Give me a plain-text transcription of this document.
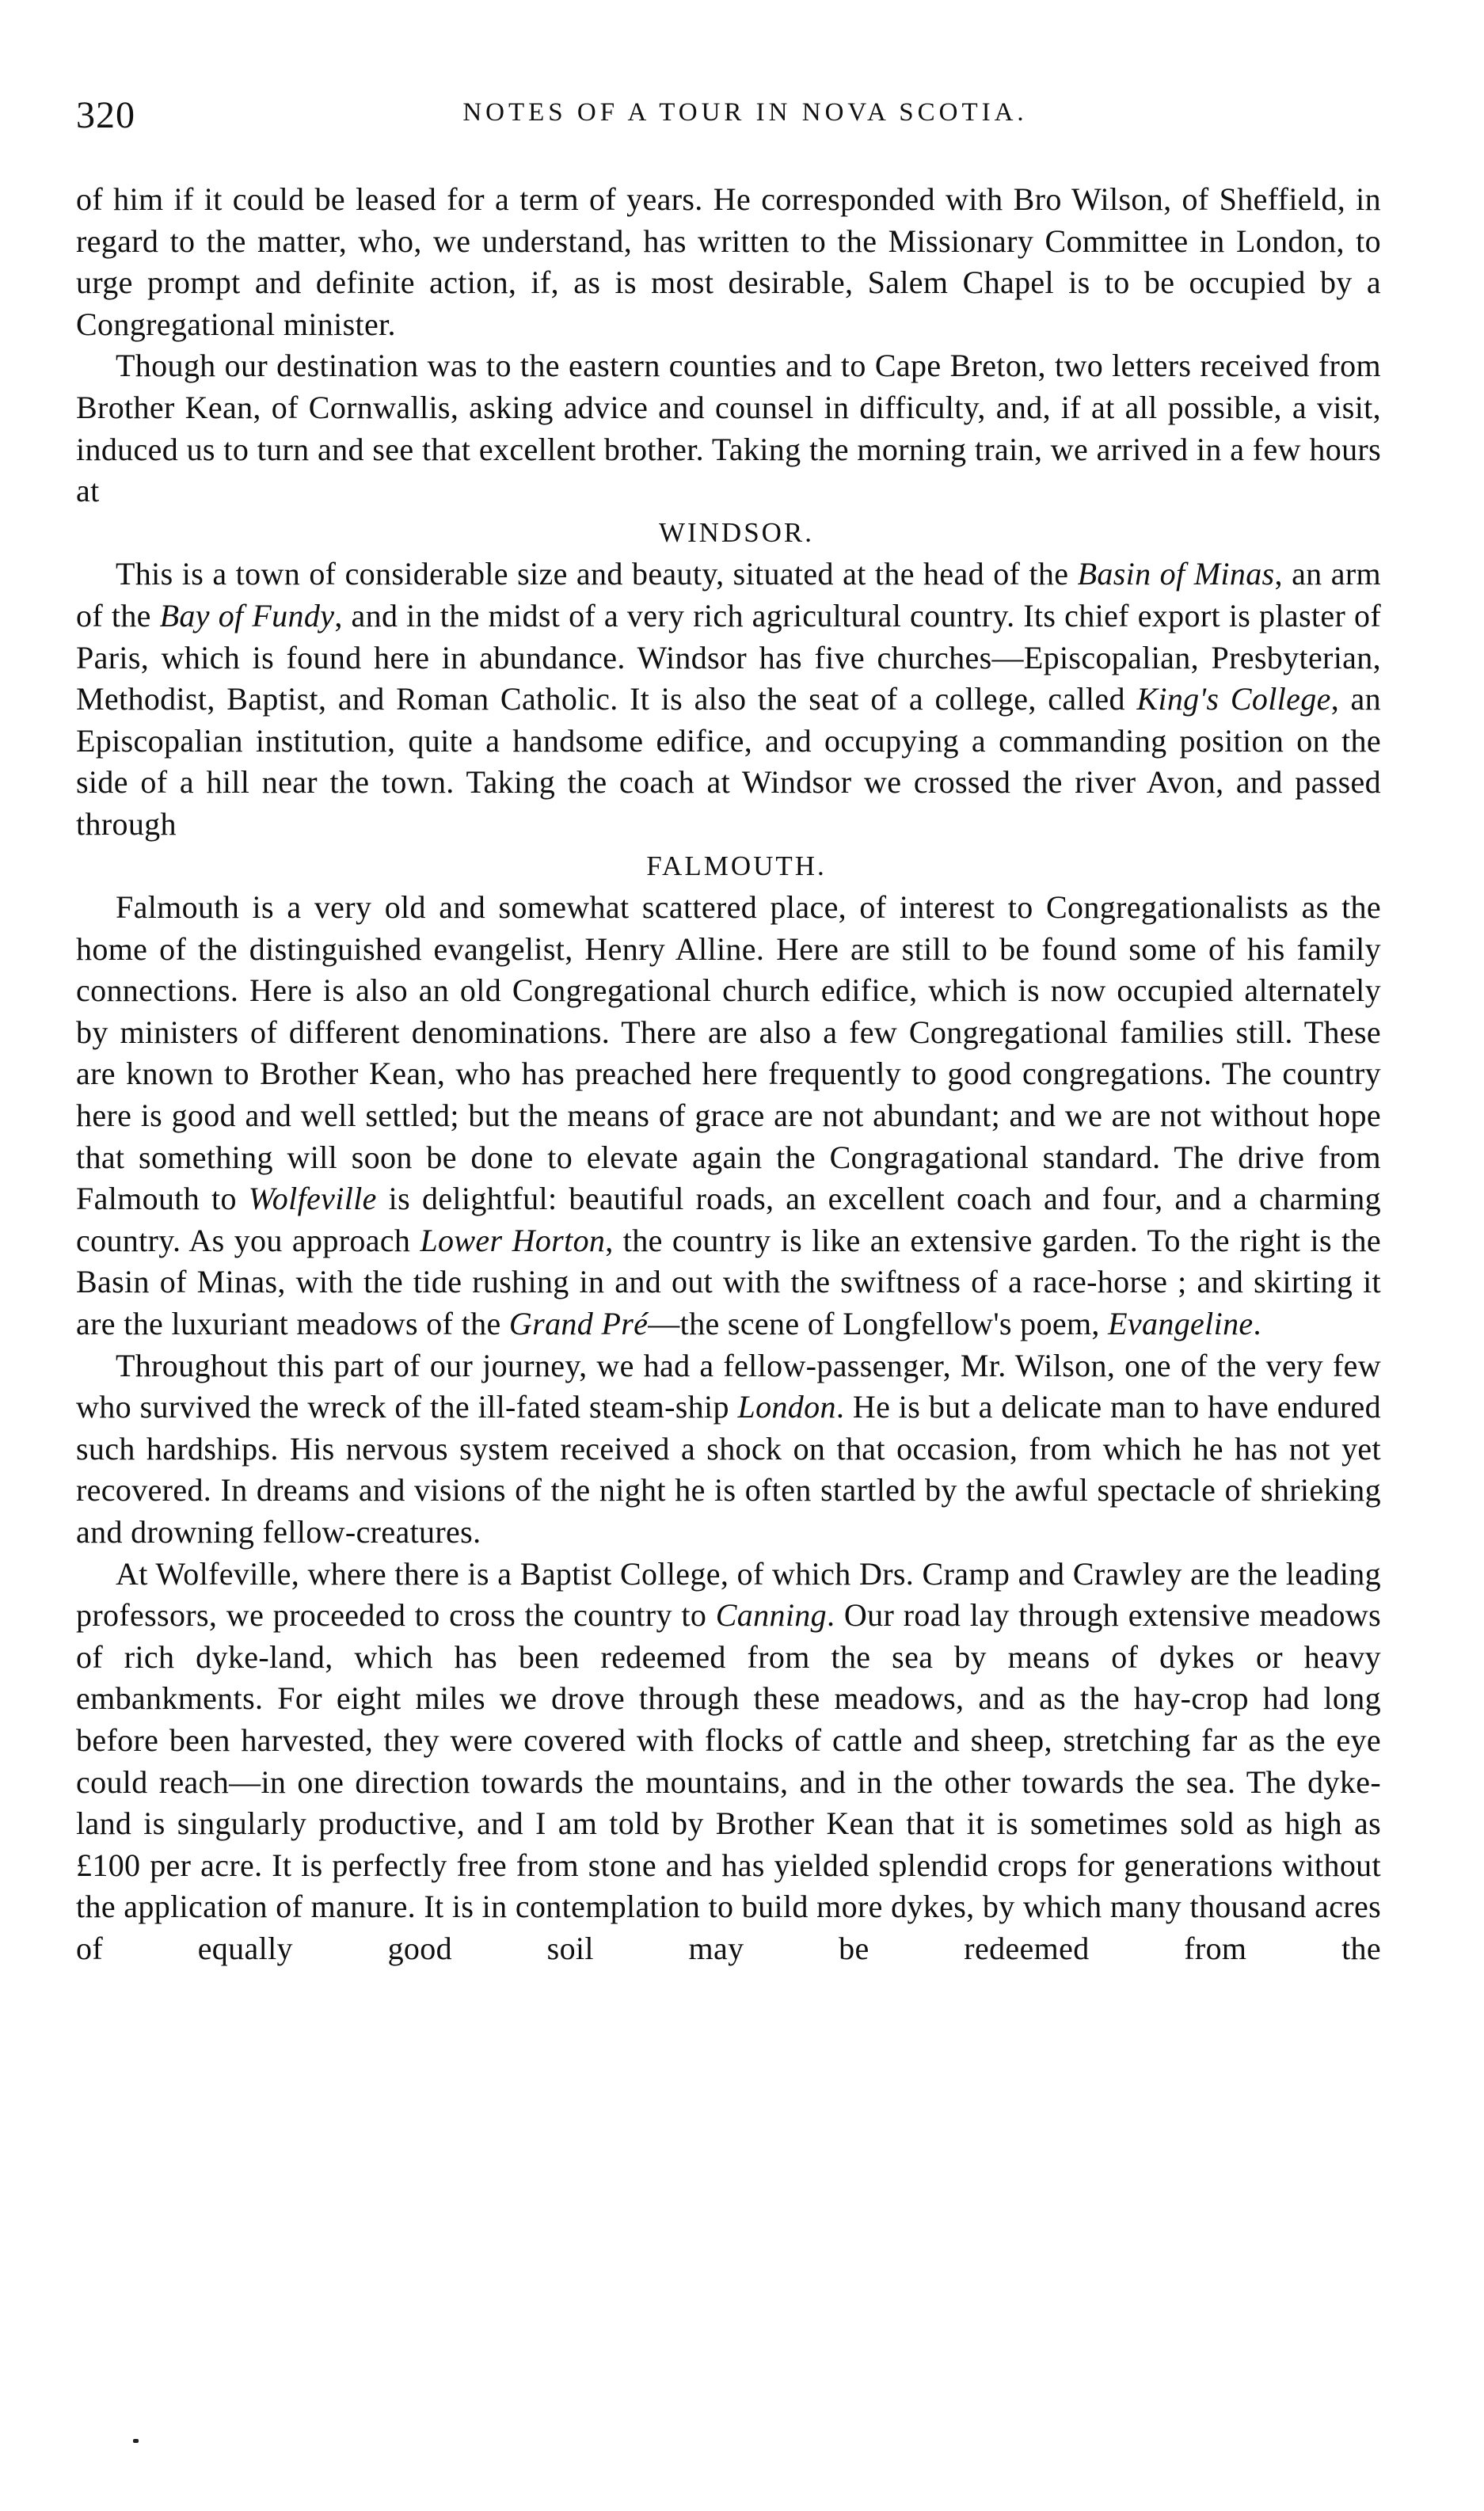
320	NOTES OF A TOUR IN NOVA SCOTIA.

of him if it could be leased for a term of years. He corresponded with Bro Wilson, of Sheffield, in regard to the matter, who, we understand, has written to the Missionary Committee in London, to urge prompt and definite action, if, as is most desirable, Salem Chapel is to be occupied by a Congregational minister.

Though our destination was to the eastern counties and to Cape Breton, two letters received from Brother Kean, of Cornwallis, asking advice and counsel in difficulty, and, if at all possible, a visit, induced us to turn and see that excellent brother. Taking the morning train, we arrived in a few hours at

WINDSOR.

This is a town of considerable size and beauty, situated at the head of the Basin of Minas, an arm of the Bay of Fundy, and in the midst of a very rich agricultural country. Its chief export is plaster of Paris, which is found here in abundance. Windsor has five churches—Episcopalian, Presbyterian, Methodist, Baptist, and Roman Catholic. It is also the seat of a college, called King's College, an Episcopalian institution, quite a handsome edifice, and occupying a commanding position on the side of a hill near the town. Taking the coach at Windsor we crossed the river Avon, and passed through

FALMOUTH.

Falmouth is a very old and somewhat scattered place, of interest to Congregationalists as the home of the distinguished evangelist, Henry Alline. Here are still to be found some of his family connections. Here is also an old Congregational church edifice, which is now occupied alternately by ministers of different denominations. There are also a few Congregational families still. These are known to Brother Kean, who has preached here frequently to good congregations. The country here is good and well settled; but the means of grace are not abundant; and we are not without hope that something will soon be done to elevate again the Congragational standard. The drive from Falmouth to Wolfeville is delightful: beautiful roads, an excellent coach and four, and a charming country. As you approach Lower Horton, the country is like an extensive garden. To the right is the Basin of Minas, with the tide rushing in and out with the swiftness of a race-horse ; and skirting it are the luxuriant meadows of the Grand Pré—the scene of Longfellow's poem, Evangeline.

Throughout this part of our journey, we had a fellow-passenger, Mr. Wilson, one of the very few who survived the wreck of the ill-fated steam-ship London. He is but a delicate man to have endured such hardships. His nervous system received a shock on that occasion, from which he has not yet recovered. In dreams and visions of the night he is often startled by the awful spectacle of shrieking and drowning fellow-creatures.

At Wolfeville, where there is a Baptist College, of which Drs. Cramp and Crawley are the leading professors, we proceeded to cross the country to Canning. Our road lay through extensive meadows of rich dyke-land, which has been redeemed from the sea by means of dykes or heavy embankments. For eight miles we drove through these meadows, and as the hay-crop had long before been harvested, they were covered with flocks of cattle and sheep, stretching far as the eye could reach—in one direction towards the mountains, and in the other towards the sea. The dyke-land is singularly productive, and I am told by Brother Kean that it is sometimes sold as high as £100 per acre. It is perfectly free from stone and has yielded splendid crops for generations without the application of manure. It is in contemplation to build more dykes, by which many thousand acres of equally good soil may be redeemed from the
